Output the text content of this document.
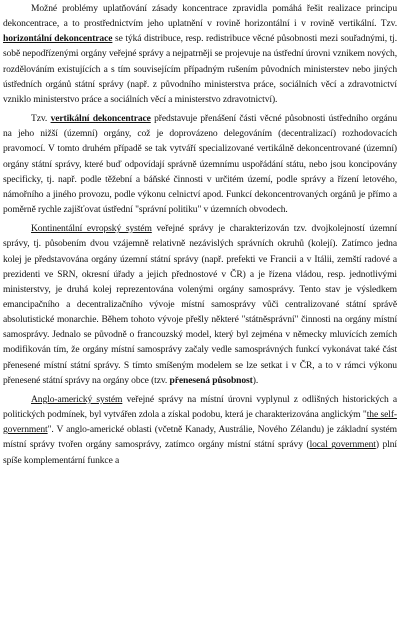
Možné problémy uplatňování zásady koncentrace zpravidla pomáhá řešit realizace principu dekoncentrace, a to prostřednictvím jeho uplatnění v rovině horizontální i v rovině vertikální. Tzv. horizontální dekoncentrace se týká distribuce, resp. redistribuce věcné působnosti mezi souřadnými, tj. sobě nepodřízenými orgány veřejné správy a nejpatrněji se projevuje na ústřední úrovni vznikem nových, rozdělováním existujících a s tím souvisejícím případným rušením původních ministerstev nebo jiných ústředních orgánů státní správy (např. z původního ministerstva práce, sociálních věcí a zdravotnictví vzniklo ministerstvo práce a sociálních věcí a ministerstvo zdravotnictví).

Tzv. vertikální dekoncentrace představuje přenášení části věcné působnosti ústředního orgánu na jeho nižší (územní) orgány, což je doprovázeno delegováním (decentralizací) rozhodovacích pravomocí. V tomto druhém případě se tak vytváří specializované vertikálně dekoncentrované (územní) orgány státní správy, které buď odpovídají správně územnímu uspořádání státu, nebo jsou koncipovány specificky, tj. např. podle těžební a báňské činnosti v určitém území, podle správy a řízení letového, námořního a jiného provozu, podle výkonu celnictví apod. Funkcí dekoncentrovaných orgánů je přímo a poměrně rychle zajišťovat ústřední "správní politiku" v územních obvodech.

Kontinentální evropský systém veřejné správy je charakterizován tzv. dvojkolejností územní správy, tj. působením dvou vzájemně relativně nezávislých správních okruhů (kolejí). Zatímco jedna kolej je představována orgány územní státní správy (např. prefekti ve Francii a v Itálii, zemští radové a prezidenti ve SRN, okresní úřady a jejich přednostové v ČR) a je řízena vládou, resp. jednotlivými ministerstvy, je druhá kolej reprezentována volenými orgány samosprávy. Tento stav je výsledkem emancipačního a decentralizačního vývoje místní samosprávy vůči centralizované státní správě absolutistické monarchie. Během tohoto vývoje přešly některé "státněsprávní" činnosti na orgány místní samosprávy. Jednalo se původně o francouzský model, který byl zejména v německy mluvících zemích modifikován tím, že orgány místní samosprávy začaly vedle samosprávných funkcí vykonávat také část přenesené místní státní správy. S tímto smíšeným modelem se lze setkat i v ČR, a to v rámci výkonu přenesené státní správy na orgány obce (tzv. přenesená působnost).

Anglo-americký systém veřejné správy na místní úrovni vyplynul z odlišných historických a politických podmínek, byl vytvářen zdola a získal podobu, která je charakterizována anglickým "the self-government". V anglo-americké oblasti (včetně Kanady, Austrálie, Nového Zélandu) je základní systém místní správy tvořen orgány samosprávy, zatímco orgány místní státní správy (local government) plní spíše komplementární funkce a
